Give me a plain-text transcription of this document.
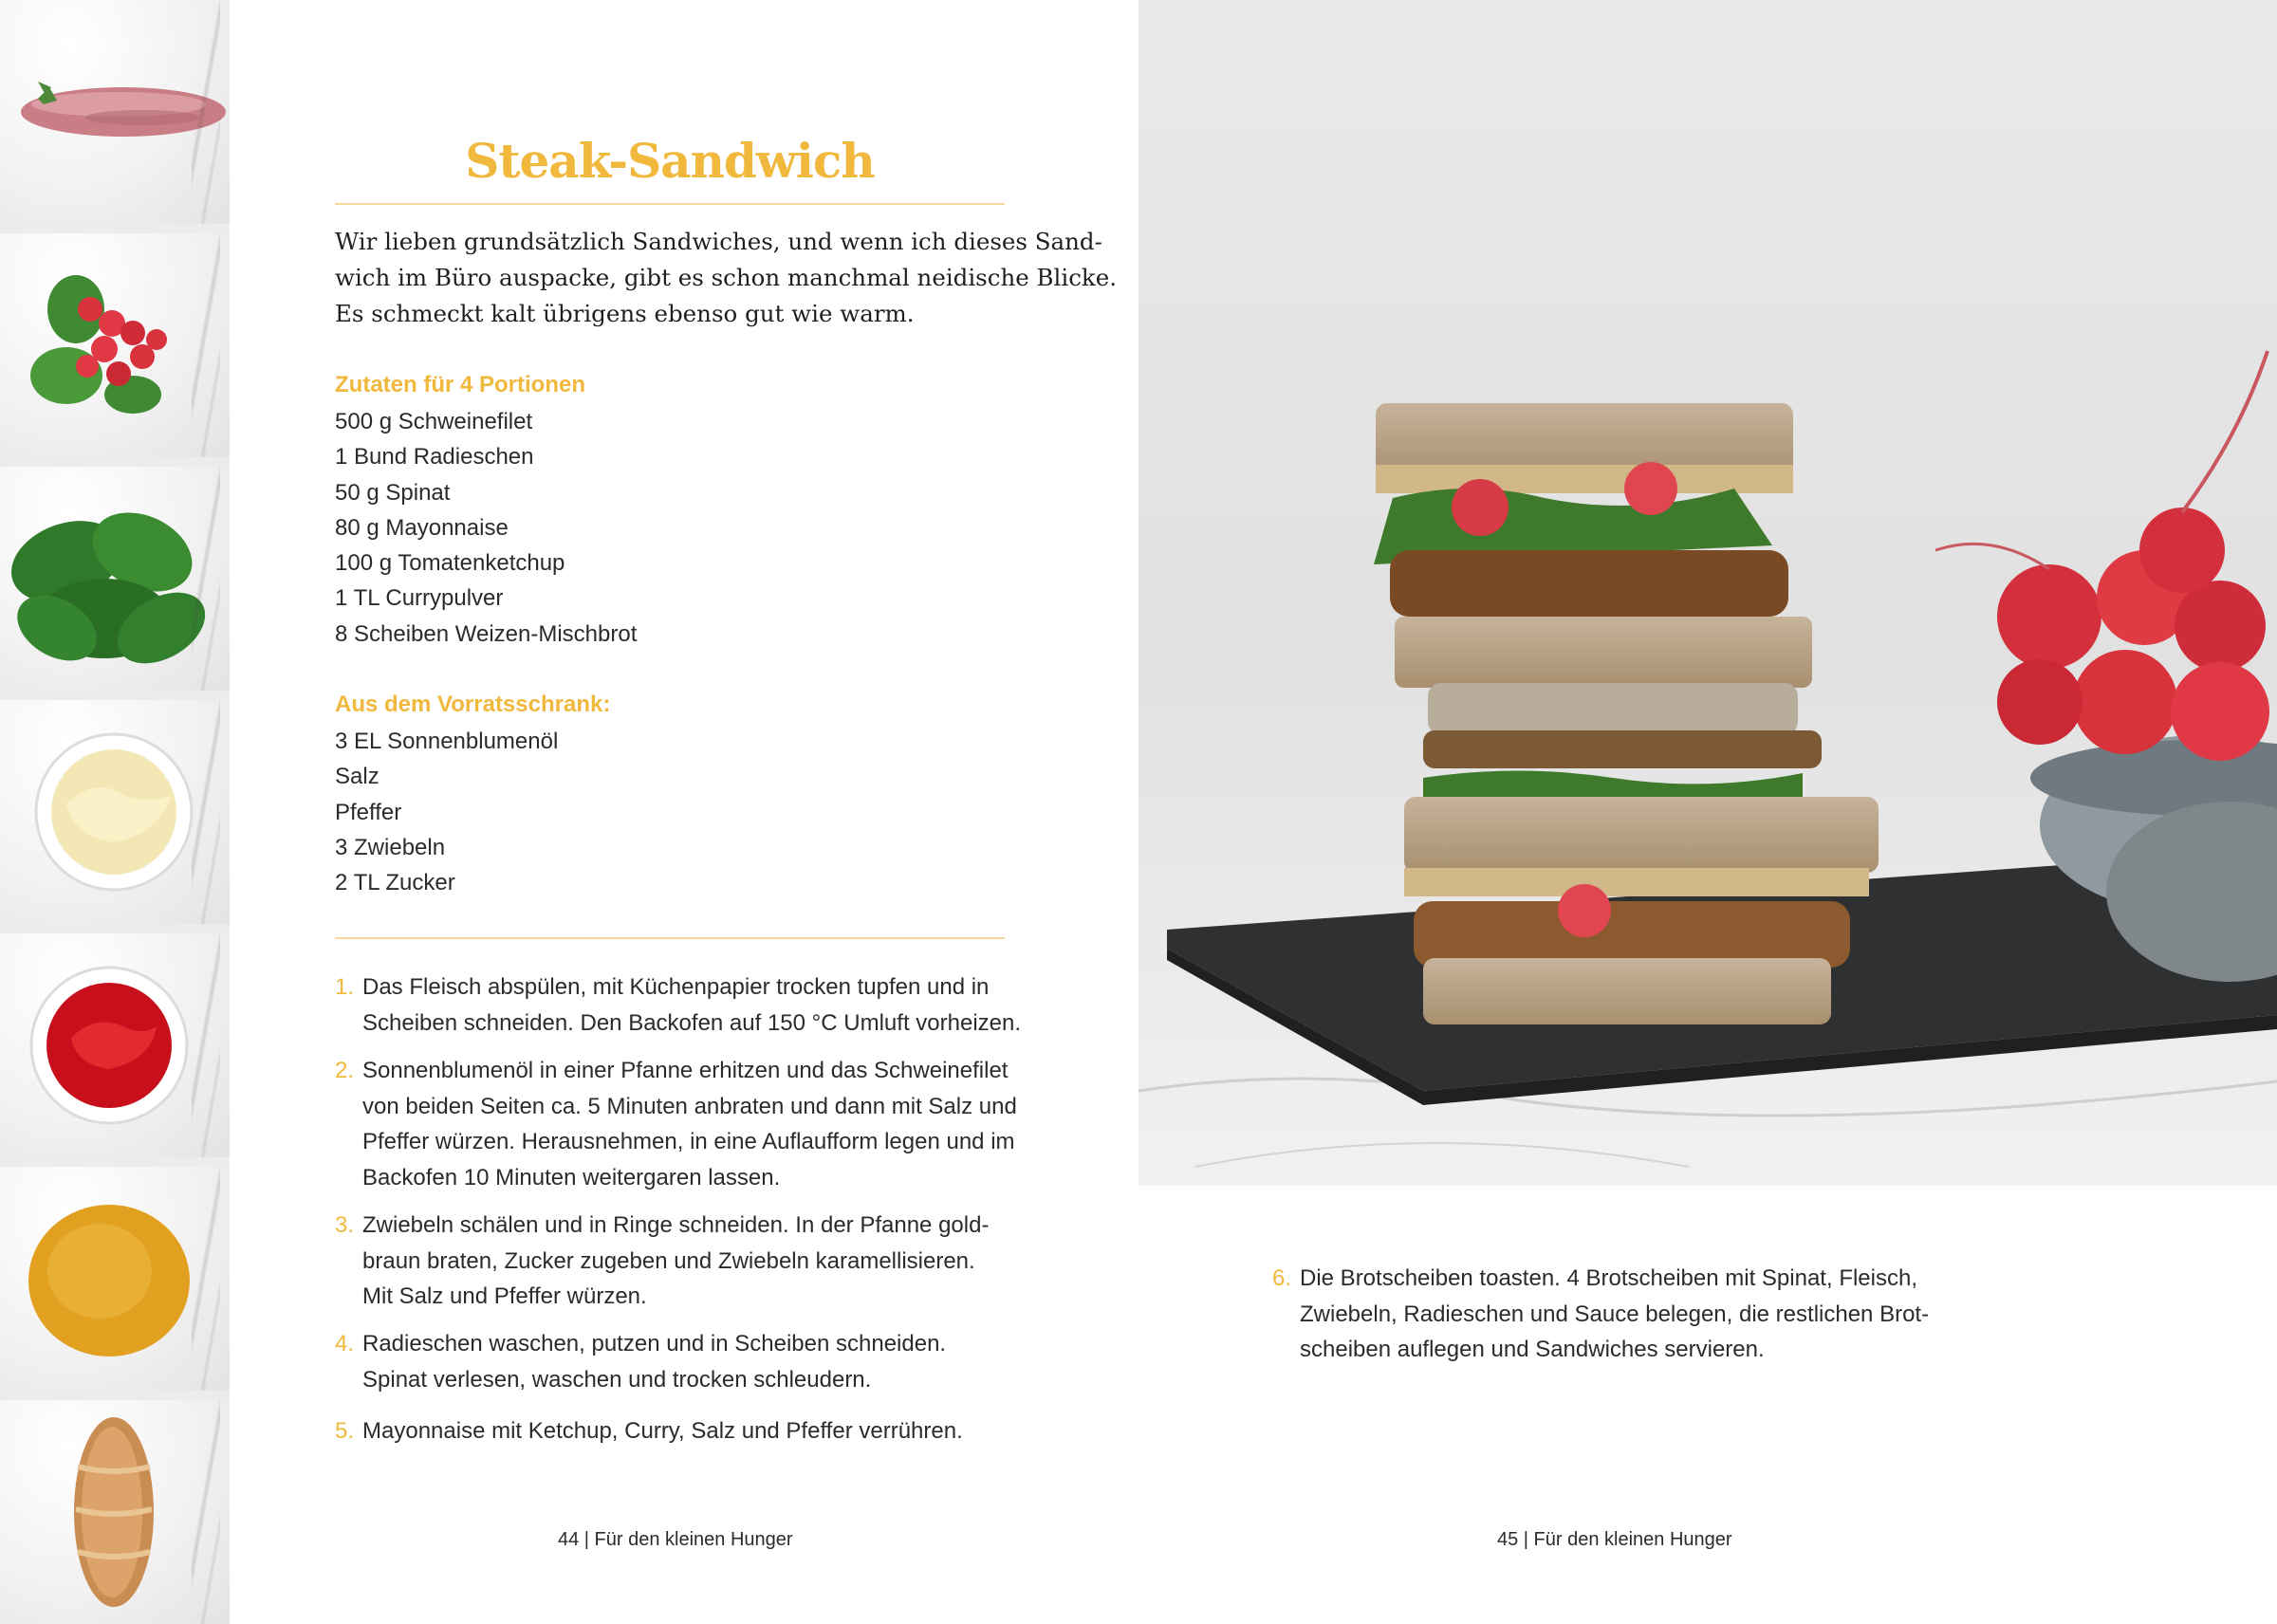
Steak-Sandwich
Wir lieben grundsätzlich Sandwiches, und wenn ich dieses Sand-
wich im Büro auspacke, gibt es schon manchmal neidische Blicke.
Es schmeckt kalt übrigens ebenso gut wie warm.
Zutaten für 4 Portionen
500 g Schweinefilet
1 Bund Radieschen
50 g Spinat
80 g Mayonnaise
100 g Tomatenketchup
1 TL Currypulver
8 Scheiben Weizen-Mischbrot
Aus dem Vorratsschrank:
3 EL Sonnenblumenöl
Salz
Pfeffer
3 Zwiebeln
2 TL Zucker
1. Das Fleisch abspülen, mit Küchenpapier trocken tupfen und in
Scheiben schneiden. Den Backofen auf 150 °C Umluft vorheizen.
2. Sonnenblumenöl in einer Pfanne erhitzen und das Schweinefilet
von beiden Seiten ca. 5 Minuten anbraten und dann mit Salz und
Pfeffer würzen. Herausnehmen, in eine Auflaufform legen und im
Backofen 10 Minuten weitergaren lassen.
3. Zwiebeln schälen und in Ringe schneiden. In der Pfanne gold-
braun braten, Zucker zugeben und Zwiebeln karamellisieren.
Mit Salz und Pfeffer würzen.
4. Radieschen waschen, putzen und in Scheiben schneiden.
Spinat verlesen, waschen und trocken schleudern.
5. Mayonnaise mit Ketchup, Curry, Salz und Pfeffer verrühren.
44 | Für den kleinen Hunger
6. Die Brotscheiben toasten. 4 Brotscheiben mit Spinat, Fleisch,
Zwiebeln, Radieschen und Sauce belegen, die restlichen Brot-
scheiben auflegen und Sandwiches servieren.
45 | Für den kleinen Hunger
